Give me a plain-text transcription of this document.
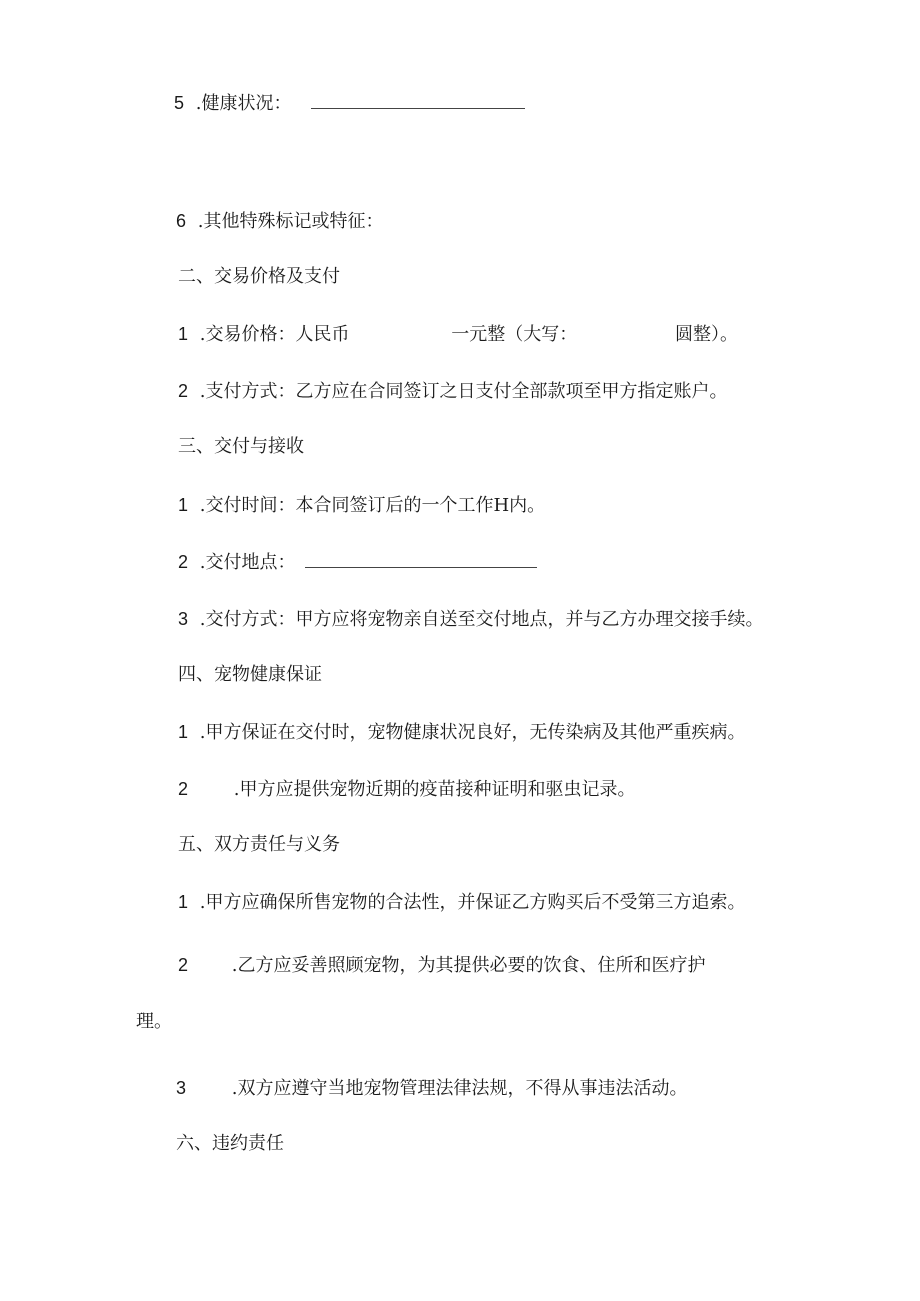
5 .健康状况：
6 .其他特殊标记或特征：
二、交易价格及支付
1 .交易价格：人民币	一元整（大写：	圆整）。
2 .支付方式：乙方应在合同签订之日支付全部款项至甲方指定账户。
三、交付与接收
1 .交付时间：本合同签订后的一个工作H内。
2 .交付地点：
3 .交付方式：甲方应将宠物亲自送至交付地点，并与乙方办理交接手续。
四、宠物健康保证
1 .甲方保证在交付时，宠物健康状况良好，无传染病及其他严重疾病。
2	.甲方应提供宠物近期的疫苗接种证明和驱虫记录。
五、双方责任与义务
1 .甲方应确保所售宠物的合法性，并保证乙方购买后不受第三方追索。
2 .乙方应妥善照顾宠物，为其提供必要的饮食、住所和医疗护
理。
3	.双方应遵守当地宠物管理法律法规，不得从事违法活动。
六、违约责任
